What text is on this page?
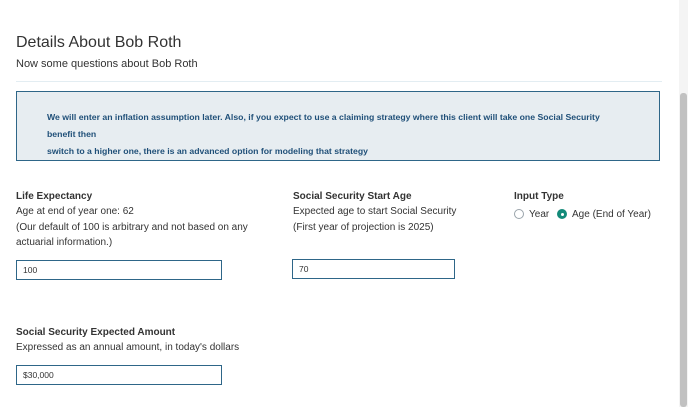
Details About Bob Roth
Now some questions about Bob Roth
We will enter an inflation assumption later. Also, if you expect to use a claiming strategy where this client will take one Social Security benefit then
switch to a higher one, there is an advanced option for modeling that strategy
Life Expectancy
Age at end of year one: 62
(Our default of 100 is arbitrary and not based on any
actuarial information.)
100
Social Security Start Age
Expected age to start Social Security
(First year of projection is 2025)
70
Input Type
Year Age (End of Year)
Social Security Expected Amount
Expressed as an annual amount, in today's dollars
$30,000
